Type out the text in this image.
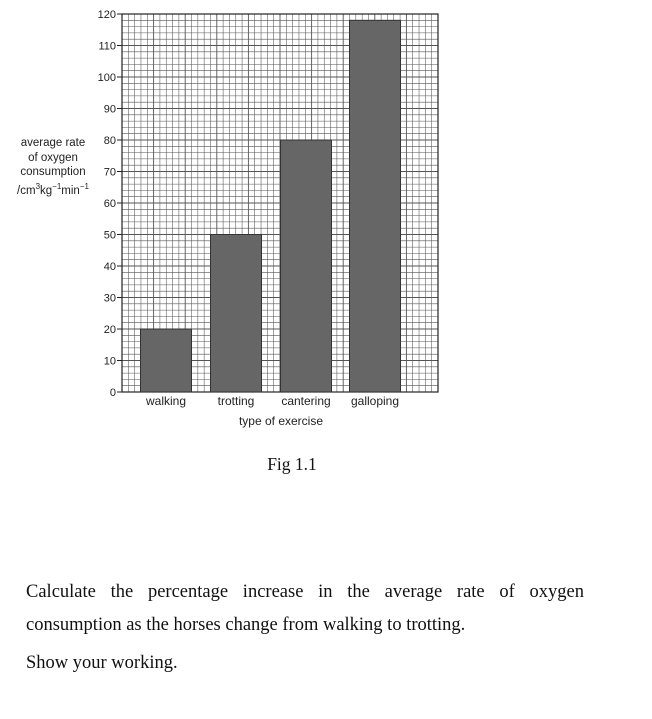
0
10
20
30
40
50
60
70
80
90
100
110
120
walking	trotting cantering galloping
type of exercise
average rate
of oxygen
consumption
$/cm^3kg^{-1}\min^{-1}$
Fig 1.1
Calculate the percentage increase in the average rate of oxygen consumption as the horses change from walking to trotting.
Show your working.
